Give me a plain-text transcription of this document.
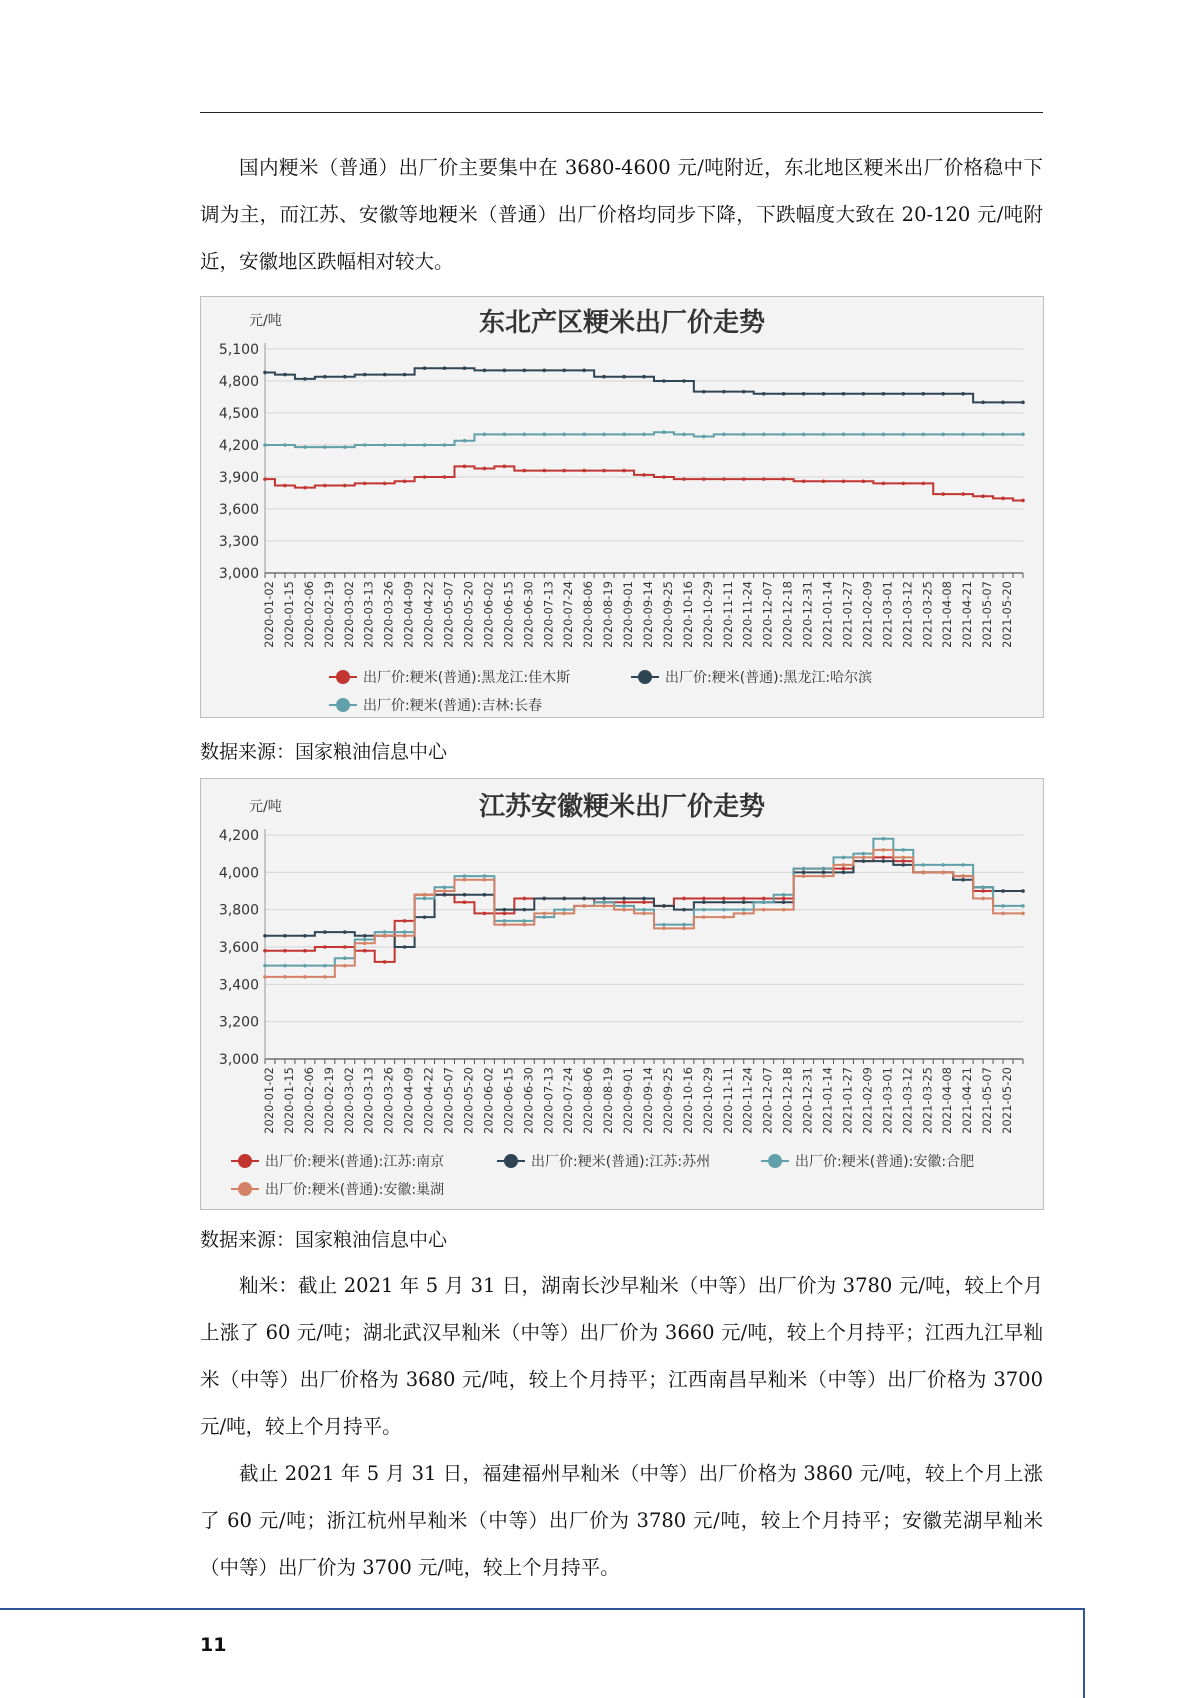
国内粳米（普通）出厂价主要集中在 3680-4600 元/吨附近，东北地区粳米出厂价格稳中下调为主，而江苏、安徽等地粳米（普通）出厂价格均同步下降，下跌幅度大致在 20-120 元/吨附近，安徽地区跌幅相对较大。

东北产区粳米出厂价走势
元/吨
3,000
3,300
3,600
3,900
4,200
4,500
4,800
5,100
2020-01-02 2020-01-15 2020-02-06 2020-02-19 2020-03-02 2020-03-13 2020-03-26 2020-04-09 2020-04-22 2020-05-07 2020-05-20 2020-06-02 2020-06-15 2020-06-30 2020-07-13 2020-07-24 2020-08-06 2020-08-19 2020-09-01 2020-09-14 2020-09-25 2020-10-16 2020-10-29 2020-11-11 2020-11-24 2020-12-07 2020-12-18 2020-12-31 2021-01-14 2021-01-27 2021-02-09 2021-03-01 2021-03-12 2021-03-25 2021-04-08 2021-04-21 2021-05-07 2021-05-20
出厂价:粳米(普通):黑龙江:佳木斯	出厂价:粳米(普通):黑龙江:哈尔滨
出厂价:粳米(普通):吉林:长春
数据来源：国家粮油信息中心
江苏安徽粳米出厂价走势
元/吨
3,000
3,200
3,400
3,600
3,800
4,000
4,200
2020-01-02 2020-01-15 2020-02-06 2020-02-19 2020-03-02 2020-03-13 2020-03-26 2020-04-09 2020-04-22 2020-05-07 2020-05-20 2020-06-02 2020-06-15 2020-06-30 2020-07-13 2020-07-24 2020-08-06 2020-08-19 2020-09-01 2020-09-14 2020-09-25 2020-10-16 2020-10-29 2020-11-11 2020-11-24 2020-12-07 2020-12-18 2020-12-31 2021-01-14 2021-01-27 2021-02-09 2021-03-01 2021-03-12 2021-03-25 2021-04-08 2021-04-21 2021-05-07 2021-05-20
出厂价:粳米(普通):江苏:南京	出厂价:粳米(普通):江苏:苏州	出厂价:粳米(普通):安徽:合肥
出厂价:粳米(普通):安徽:巢湖
数据来源：国家粮油信息中心

籼米：截止 2021 年 5 月 31 日，湖南长沙早籼米（中等）出厂价为 3780 元/吨，较上个月上涨了 60 元/吨；湖北武汉早籼米（中等）出厂价为 3660 元/吨，较上个月持平；江西九江早籼米（中等）出厂价格为 3680 元/吨，较上个月持平；江西南昌早籼米（中等）出厂价格为 3700 元/吨，较上个月持平。

截止 2021 年 5 月 31 日，福建福州早籼米（中等）出厂价格为 3860 元/吨，较上个月上涨了 60 元/吨；浙江杭州早籼米（中等）出厂价为 3780 元/吨，较上个月持平；安徽芜湖早籼米（中等）出厂价为 3700 元/吨，较上个月持平。

11
